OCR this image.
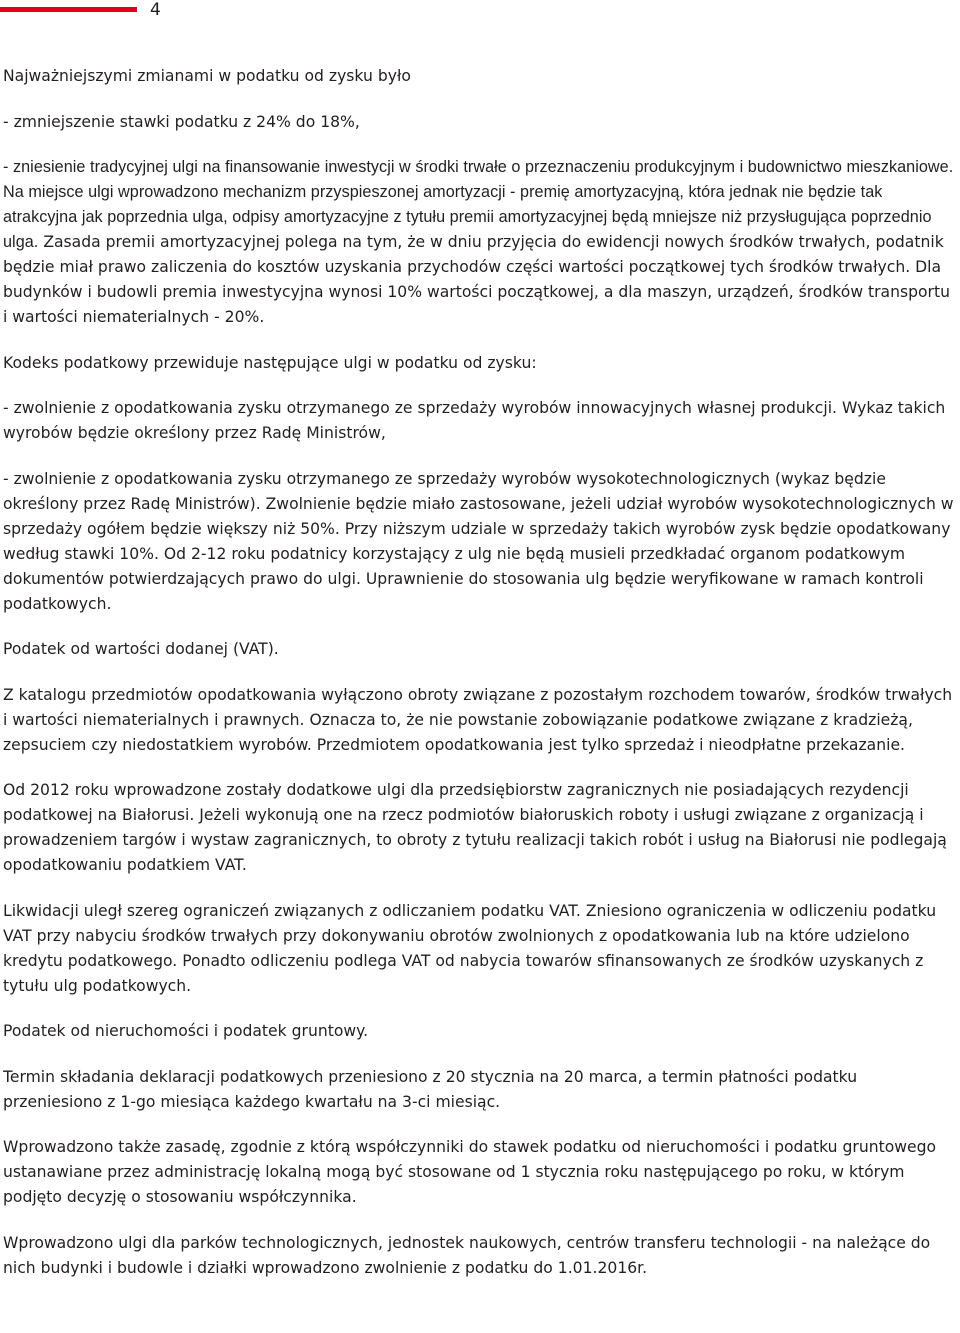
4

Najważniejszymi zmianami w podatku od zysku było

- zmniejszenie stawki podatku z 24% do 18%,

- zniesienie tradycyjnej ulgi na finansowanie inwestycji w środki trwałe o przeznaczeniu produkcyjnym i budownictwo mieszkaniowe. Na miejsce ulgi wprowadzono mechanizm przyspieszonej amortyzacji - premię amortyzacyjną, która jednak nie będzie tak atrakcyjna jak poprzednia ulga, odpisy amortyzacyjne z tytułu premii amortyzacyjnej będą mniejsze niż przysługująca poprzednio ulga. Zasada premii amortyzacyjnej polega na tym, że w dniu przyjęcia do ewidencji nowych środków trwałych, podatnik będzie miał prawo zaliczenia do kosztów uzyskania przychodów części wartości początkowej tych środków trwałych. Dla budynków i budowli premia inwestycyjna wynosi 10% wartości początkowej, a dla maszyn, urządzeń, środków transportu i wartości niematerialnych - 20%.

Kodeks podatkowy przewiduje następujące ulgi w podatku od zysku:

- zwolnienie z opodatkowania zysku otrzymanego ze sprzedaży wyrobów innowacyjnych własnej produkcji. Wykaz takich wyrobów będzie określony przez Radę Ministrów,

- zwolnienie z opodatkowania zysku otrzymanego ze sprzedaży wyrobów wysokotechnologicznych (wykaz będzie określony przez Radę Ministrów). Zwolnienie będzie miało zastosowane, jeżeli udział wyrobów wysokotechnologicznych w sprzedaży ogółem będzie większy niż 50%. Przy niższym udziale w sprzedaży takich wyrobów zysk będzie opodatkowany według stawki 10%. Od 2-12 roku podatnicy korzystający z ulg nie będą musieli przedkładać organom podatkowym dokumentów potwierdzających prawo do ulgi. Uprawnienie do stosowania ulg będzie weryfikowane w ramach kontroli podatkowych.

Podatek od wartości dodanej (VAT).

Z katalogu przedmiotów opodatkowania wyłączono obroty związane z pozostałym rozchodem towarów, środków trwałych i wartości niematerialnych i prawnych. Oznacza to, że nie powstanie zobowiązanie podatkowe związane z kradzieżą, zepsuciem czy niedostatkiem wyrobów. Przedmiotem opodatkowania jest tylko sprzedaż i nieodpłatne przekazanie.

Od 2012 roku wprowadzone zostały dodatkowe ulgi dla przedsiębiorstw zagranicznych nie posiadających rezydencji podatkowej na Białorusi. Jeżeli wykonują one na rzecz podmiotów białoruskich roboty i usługi związane z organizacją i prowadzeniem targów i wystaw zagranicznych, to obroty z tytułu realizacji takich robót i usług na Białorusi nie podlegają opodatkowaniu podatkiem VAT.

Likwidacji uległ szereg ograniczeń związanych z odliczaniem podatku VAT. Zniesiono ograniczenia w odliczeniu podatku VAT przy nabyciu środków trwałych przy dokonywaniu obrotów zwolnionych z opodatkowania lub na które udzielono kredytu podatkowego. Ponadto odliczeniu podlega VAT od nabycia towarów sfinansowanych ze środków uzyskanych z tytułu ulg podatkowych.

Podatek od nieruchomości i podatek gruntowy.

Termin składania deklaracji podatkowych przeniesiono z 20 stycznia na 20 marca, a termin płatności podatku przeniesiono z 1-go miesiąca każdego kwartału na 3-ci miesiąc.

Wprowadzono także zasadę, zgodnie z którą współczynniki do stawek podatku od nieruchomości i podatku gruntowego ustanawiane przez administrację lokalną mogą być stosowane od 1 stycznia roku następującego po roku, w którym podjęto decyzję o stosowaniu współczynnika.

Wprowadzono ulgi dla parków technologicznych, jednostek naukowych, centrów transferu technologii - na należące do nich budynki i budowle i działki wprowadzono zwolnienie z podatku do 1.01.2016r.
